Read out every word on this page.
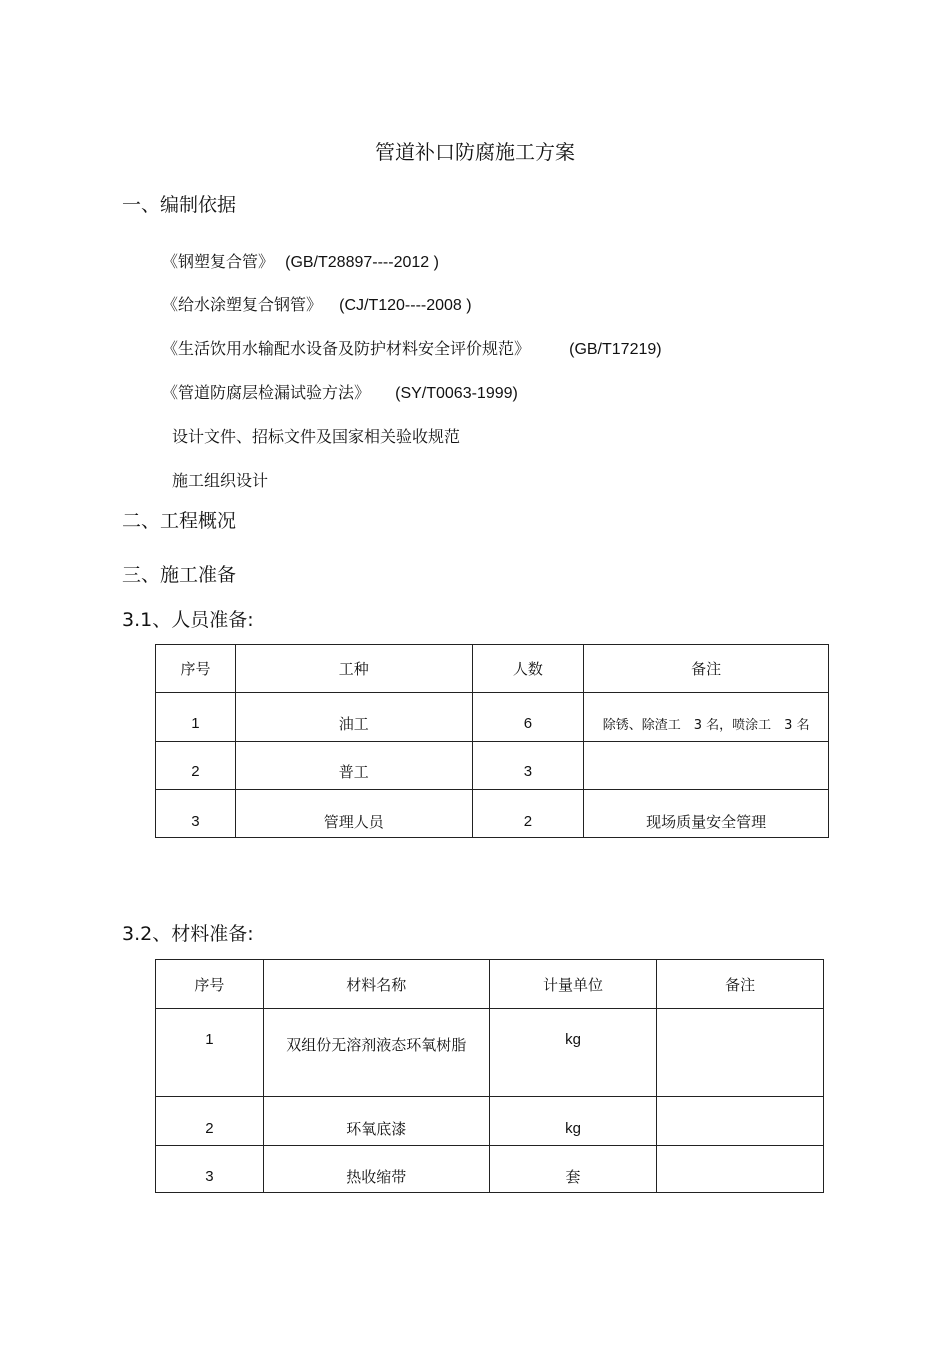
管道补口防腐施工方案
一、编制依据
《钢塑复合管》 (GB/T28897----2012 )
《给水涂塑复合钢管》 (CJ/T120----2008 )
《生活饮用水输配水设备及防护材料安全评价规范》 (GB/T17219)
《管道防腐层检漏试验方法》 (SY/T0063-1999)
设计文件、招标文件及国家相关验收规范
施工组织设计
二、工程概况
三、施工准备
3.1、人员准备:
序号	工种	人数	备注
1	油工	6	除锈、除渣工　3 名，喷涂工　3 名
2	普工	3	
3	管理人员	2	现场质量安全管理
3.2、材料准备:
序号	材料名称	计量单位	备注
1	双组份无溶剂液态环氧树脂	kg	
2	环氧底漆	kg	
3	热收缩带	套	
